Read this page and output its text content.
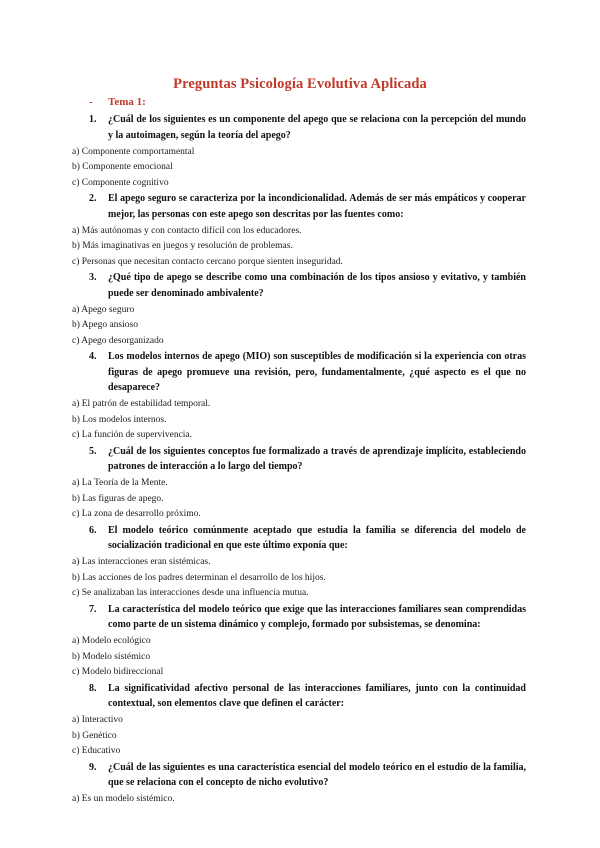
Preguntas Psicología Evolutiva Aplicada
- Tema 1:
1.	¿Cuál de los siguientes es un componente del apego que se relaciona con la percepción del mundo y la autoimagen, según la teoría del apego?
a) Componente comportamental
b) Componente emocional
c) Componente cognitivo
2.	El apego seguro se caracteriza por la incondicionalidad. Además de ser más empáticos y cooperar mejor, las personas con este apego son descritas por las fuentes como:
a) Más autónomas y con contacto difícil con los educadores.
b) Más imaginativas en juegos y resolución de problemas.
c) Personas que necesitan contacto cercano porque sienten inseguridad.
3.	¿Qué tipo de apego se describe como una combinación de los tipos ansioso y evitativo, y también puede ser denominado ambivalente?
a) Apego seguro
b) Apego ansioso
c) Apego desorganizado
4.	Los modelos internos de apego (MIO) son susceptibles de modificación si la experiencia con otras figuras de apego promueve una revisión, pero, fundamentalmente, ¿qué aspecto es el que no desaparece?
a) El patrón de estabilidad temporal.
b) Los modelos internos.
c) La función de supervivencia.
5.	¿Cuál de los siguientes conceptos fue formalizado a través de aprendizaje implícito, estableciendo patrones de interacción a lo largo del tiempo?
a) La Teoría de la Mente.
b) Las figuras de apego.
c) La zona de desarrollo próximo.
6.	El modelo teórico comúnmente aceptado que estudia la familia se diferencia del modelo de socialización tradicional en que este último exponía que:
a) Las interacciones eran sistémicas.
b) Las acciones de los padres determinan el desarrollo de los hijos.
c) Se analizaban las interacciones desde una influencia mutua.
7.	La característica del modelo teórico que exige que las interacciones familiares sean comprendidas como parte de un sistema dinámico y complejo, formado por subsistemas, se denomina:
a) Modelo ecológico
b) Modelo sistémico
c) Modelo bidireccional
8.	La significatividad afectivo personal de las interacciones familiares, junto con la continuidad contextual, son elementos clave que definen el carácter:
a) Interactivo
b) Genético
c) Educativo
9.	¿Cuál de las siguientes es una característica esencial del modelo teórico en el estudio de la familia, que se relaciona con el concepto de nicho evolutivo?
a) Es un modelo sistémico.
